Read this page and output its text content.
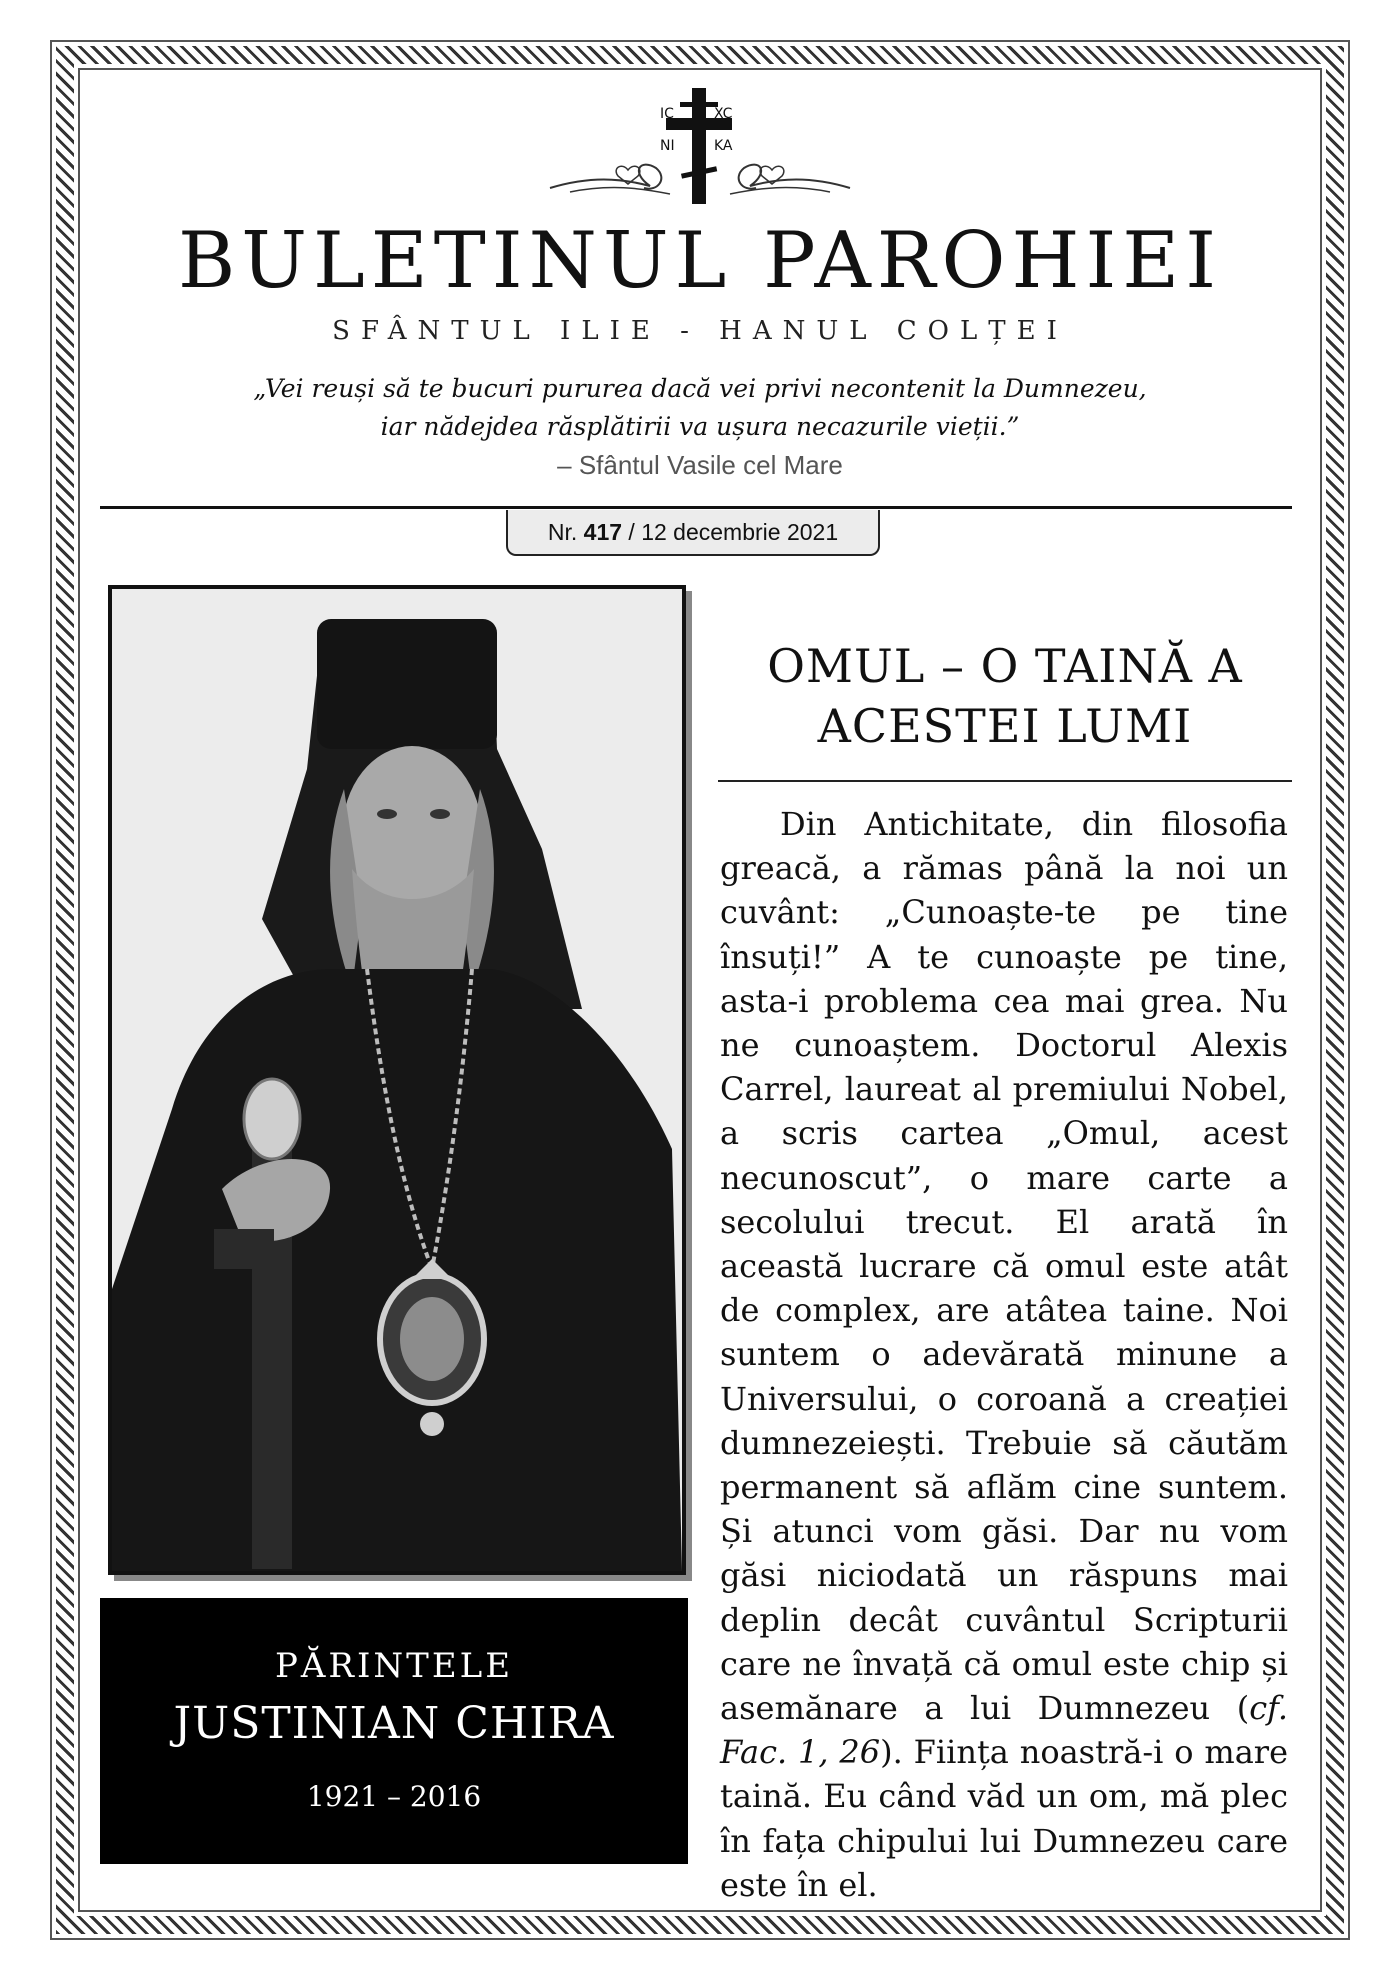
IC	XC
NI	KA
BULETINUL PAROHIEI
SFÂNTUL ILIE - HANUL COLȚEI
„Vei reuși să te bucuri pururea dacă vei privi necontenit la Dumnezeu,
iar nădejdea răsplătirii va ușura necazurile vieții.”
– Sfântul Vasile cel Mare
Nr. 417 / 12 decembrie 2021
PĂRINTELE
JUSTINIAN CHIRA
1921 – 2016
OMUL – O TAINĂ A
ACESTEI LUMI

Din Antichitate, din filosofia greacă, a rămas până la noi un cuvânt: „Cunoaște-te pe tine însuți!” A te cunoaște pe tine, asta-i problema cea mai grea. Nu ne cunoaștem. Doctorul Alexis Carrel, laureat al premiului Nobel, a scris cartea „Omul, acest necunoscut”, o mare carte a secolului trecut. El arată în această lucrare că omul este atât de complex, are atâtea taine. Noi suntem o adevărată minune a Universului, o coroană a creației dumnezeiești. Trebuie să căutăm permanent să aflăm cine suntem. Și atunci vom găsi. Dar nu vom găsi niciodată un răspuns mai deplin decât cuvântul Scripturii care ne învață că omul este chip și asemănare a lui Dumnezeu (cf. Fac. 1, 26). Ființa noastră-i o mare taină. Eu când văd un om, mă plec în fața chipului lui Dumnezeu care este în el.
